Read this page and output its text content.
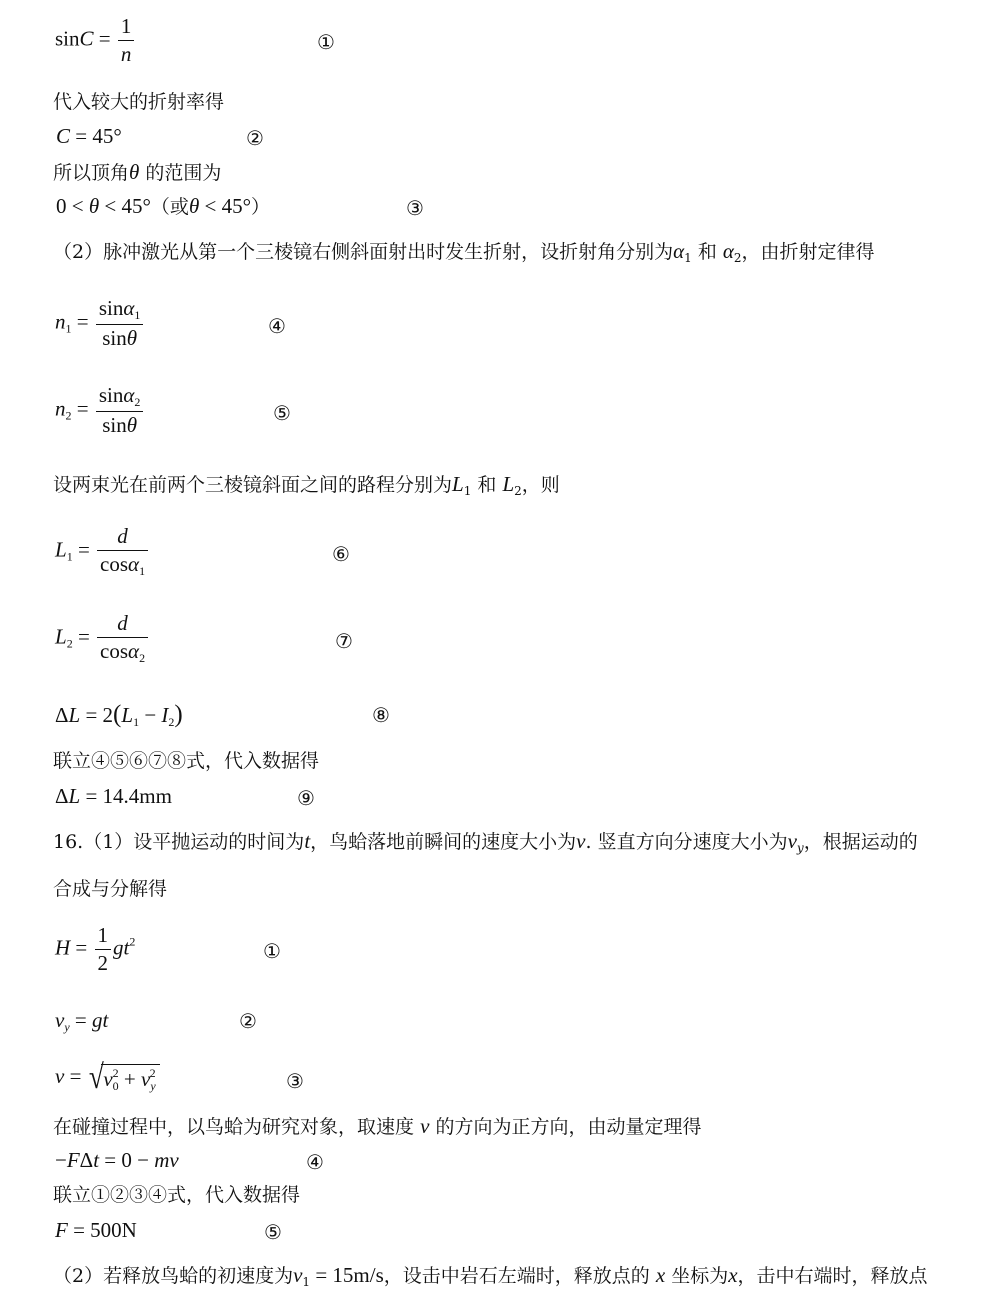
$\sin C = \frac{1}{n}$	①
代入较大的折射率得
C = 45°	②
所以顶角θ 的范围为
0 < θ < 45°（或θ < 45°）	③
（2）脉冲激光从第一个三棱镜右侧斜面射出时发生折射，设折射角分别为$\alpha_1$ 和 $\alpha_2$，由折射定律得
$n_1 = \frac{\sin\alpha_1}{\sin\theta}$	④
$n_2 = \frac{\sin\alpha_2}{\sin\theta}$	⑤
设两束光在前两个三棱镜斜面之间的路程分别为$L_1$ 和 $L_2$，则
$L_1 = \frac{d}{\cos\alpha_1}$	⑥
$L_2 = \frac{d}{\cos\alpha_2}$	⑦
$\Delta L = 2(L_1 - I_2)$	⑧
联立④⑤⑥⑦⑧式，代入数据得
ΔL = 14.4mm	⑨
16.（1）设平抛运动的时间为t，鸟蛤落地前瞬间的速度大小为v. 竖直方向分速度大小为$v_y$，根据运动的
合成与分解得
$H = \frac{1}{2} gt^2$	①
$v_y$ = gt	②
$v = √v_0^2 + v_y^2$	③
在碰撞过程中，以鸟蛤为研究对象，取速度 v 的方向为正方向，由动量定理得
−FΔt = 0 − mv	④
联立①②③④式，代入数据得
F = 500N	⑤
（2）若释放鸟蛤的初速度为$v_1 = 15m/s$，设击中岩石左端时，释放点的 x 坐标为x，击中右端时，释放点
